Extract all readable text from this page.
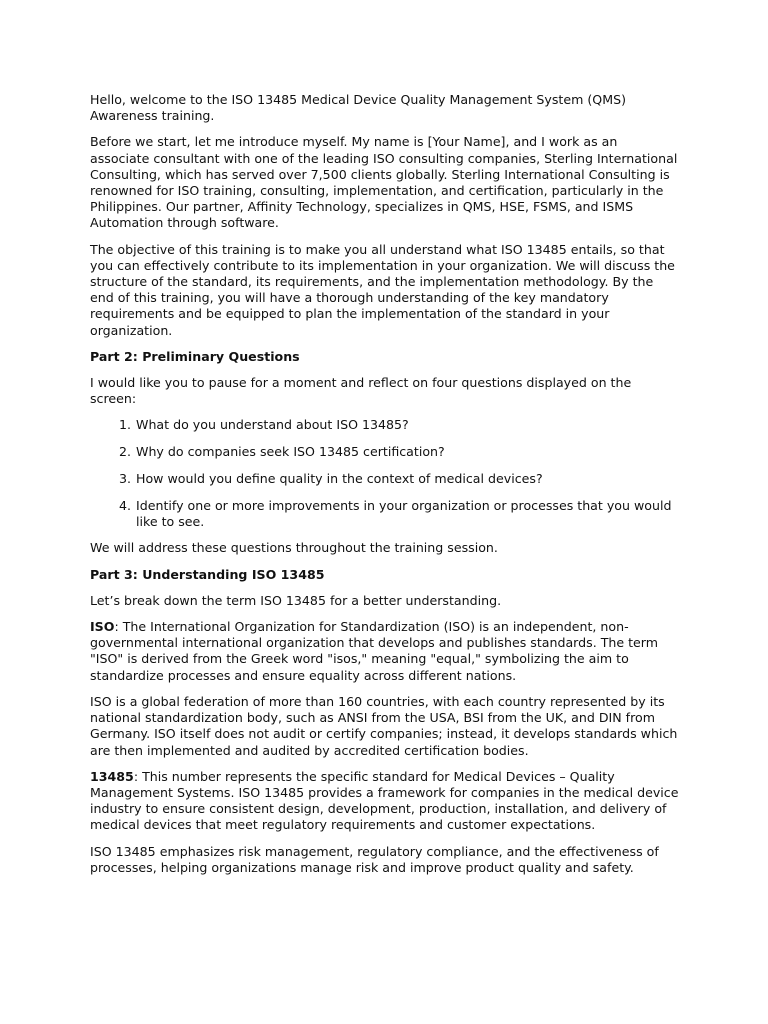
Hello, welcome to the ISO 13485 Medical Device Quality Management System (QMS) Awareness training.

Before we start, let me introduce myself. My name is [Your Name], and I work as an associate consultant with one of the leading ISO consulting companies, Sterling International Consulting, which has served over 7,500 clients globally. Sterling International Consulting is renowned for ISO training, consulting, implementation, and certification, particularly in the Philippines. Our partner, Affinity Technology, specializes in QMS, HSE, FSMS, and ISMS Automation through software.

The objective of this training is to make you all understand what ISO 13485 entails, so that you can effectively contribute to its implementation in your organization. We will discuss the structure of the standard, its requirements, and the implementation methodology. By the end of this training, you will have a thorough understanding of the key mandatory requirements and be equipped to plan the implementation of the standard in your organization.

Part 2: Preliminary Questions

I would like you to pause for a moment and reflect on four questions displayed on the screen:

1. What do you understand about ISO 13485?
2. Why do companies seek ISO 13485 certification?
3. How would you define quality in the context of medical devices?
4. Identify one or more improvements in your organization or processes that you would like to see.

We will address these questions throughout the training session.

Part 3: Understanding ISO 13485

Let’s break down the term ISO 13485 for a better understanding.

ISO: The International Organization for Standardization (ISO) is an independent, non-governmental international organization that develops and publishes standards. The term "ISO" is derived from the Greek word "isos," meaning "equal," symbolizing the aim to standardize processes and ensure equality across different nations.

ISO is a global federation of more than 160 countries, with each country represented by its national standardization body, such as ANSI from the USA, BSI from the UK, and DIN from Germany. ISO itself does not audit or certify companies; instead, it develops standards which are then implemented and audited by accredited certification bodies.

13485: This number represents the specific standard for Medical Devices – Quality Management Systems. ISO 13485 provides a framework for companies in the medical device industry to ensure consistent design, development, production, installation, and delivery of medical devices that meet regulatory requirements and customer expectations.

ISO 13485 emphasizes risk management, regulatory compliance, and the effectiveness of processes, helping organizations manage risk and improve product quality and safety.
